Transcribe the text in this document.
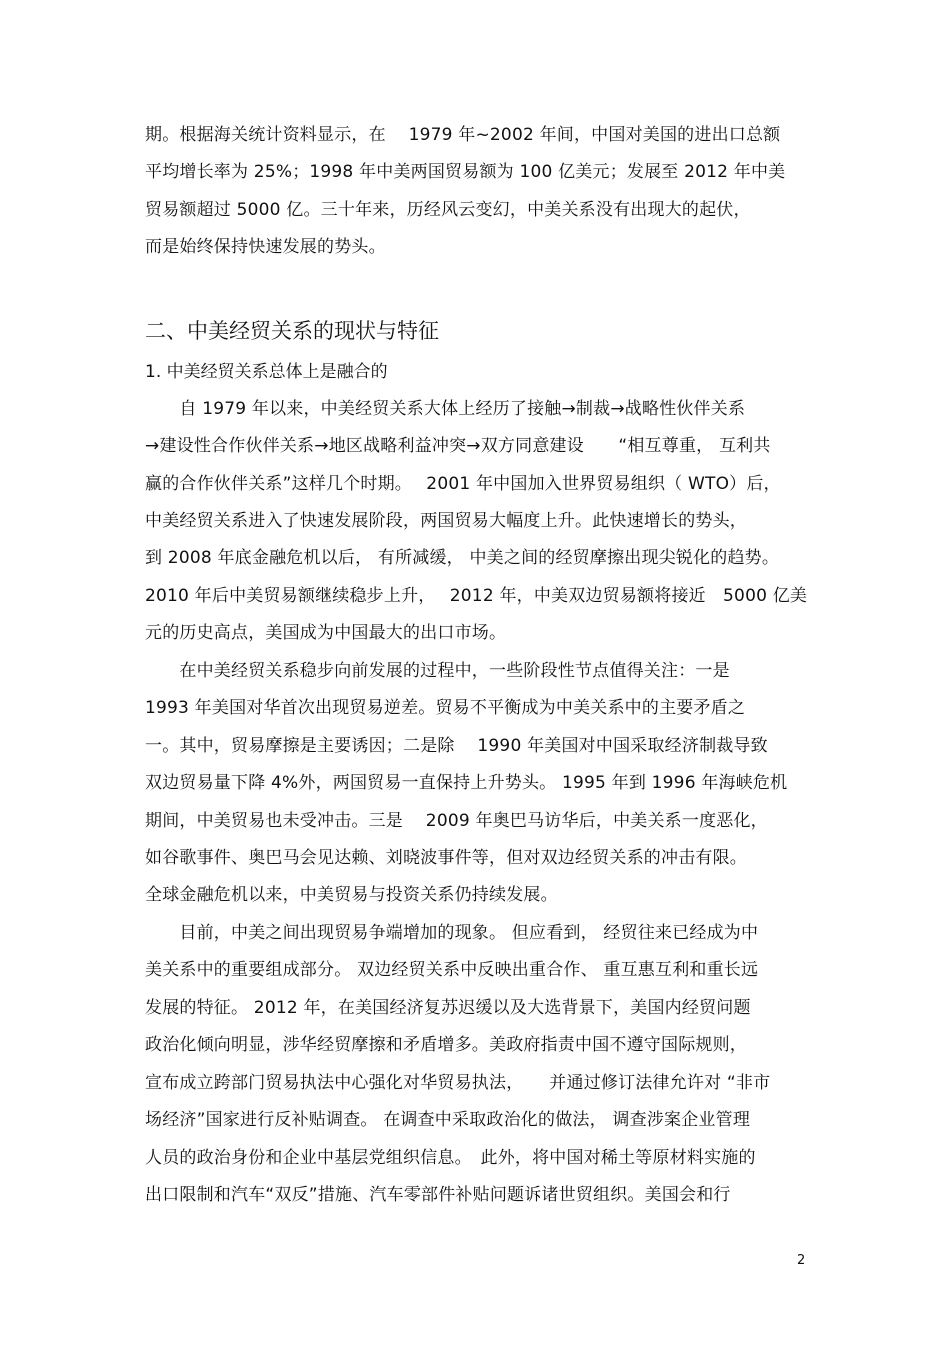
期。根据海关统计资料显示，在　 1979 年~2002 年间，中国对美国的进出口总额
平均增长率为 25%；1998 年中美两国贸易额为 100 亿美元；发展至 2012 年中美
贸易额超过 5000 亿。三十年来，历经风云变幻，中美关系没有出现大的起伏，
而是始终保持快速发展的势头。
二、中美经贸关系的现状与特征
1. 中美经贸关系总体上是融合的
　　自 1979 年以来，中美经贸关系大体上经历了接触→制裁→战略性伙伴关系
→建设性合作伙伴关系→地区战略利益冲突→双方同意建设　　“相互尊重， 互利共
赢的合作伙伴关系”这样几个时期。　 2001 年中国加入世界贸易组织（ WTO）后，
中美经贸关系进入了快速发展阶段，两国贸易大幅度上升。此快速增长的势头，
到 2008 年底金融危机以后， 有所减缓， 中美之间的经贸摩擦出现尖锐化的趋势。
2010 年后中美贸易额继续稳步上升，　 2012 年，中美双边贸易额将接近　5000 亿美
元的历史高点，美国成为中国最大的出口市场。
　　在中美经贸关系稳步向前发展的过程中，一些阶段性节点值得关注：一是
1993 年美国对华首次出现贸易逆差。贸易不平衡成为中美关系中的主要矛盾之
一。其中，贸易摩擦是主要诱因；二是除　 1990 年美国对中国采取经济制裁导致
双边贸易量下降 4%外，两国贸易一直保持上升势头。 1995 年到 1996 年海峡危机
期间，中美贸易也未受冲击。三是　 2009 年奥巴马访华后，中美关系一度恶化，
如谷歌事件、奥巴马会见达赖、刘晓波事件等，但对双边经贸关系的冲击有限。
全球金融危机以来，中美贸易与投资关系仍持续发展。
　　目前，中美之间出现贸易争端增加的现象。 但应看到， 经贸往来已经成为中
美关系中的重要组成部分。 双边经贸关系中反映出重合作、 重互惠互利和重长远
发展的特征。 2012 年，在美国经济复苏迟缓以及大选背景下，美国内经贸问题
政治化倾向明显，涉华经贸摩擦和矛盾增多。美政府指责中国不遵守国际规则，
宣布成立跨部门贸易执法中心强化对华贸易执法，　　并通过修订法律允许对 “非市
场经济”国家进行反补贴调查。 在调查中采取政治化的做法， 调查涉案企业管理
人员的政治身份和企业中基层党组织信息。　此外，将中国对稀土等原材料实施的
出口限制和汽车“双反”措施、汽车零部件补贴问题诉诸世贸组织。美国会和行
2
